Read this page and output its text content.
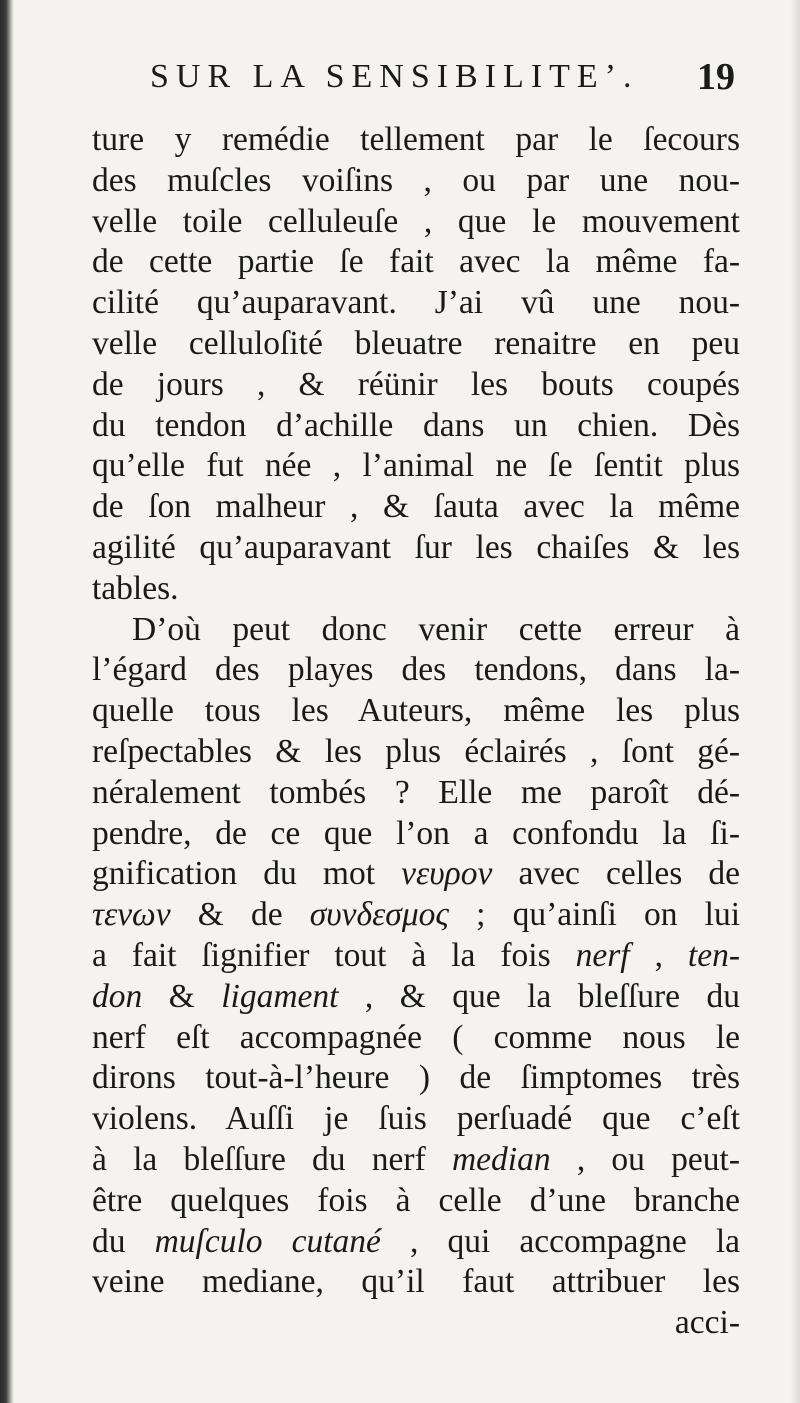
SUR LA SENSIBILITE’. 19
ture y remédie tellement par le ſecours
des muſcles voiſins , ou par une nou-
velle toile celluleuſe , que le mouvement
de cette partie ſe fait avec la même fa-
cilité qu’auparavant. J’ai vû une nou-
velle celluloſité bleuatre renaitre en peu
de jours , & réünir les bouts coupés
du tendon d’achille dans un chien. Dès
qu’elle fut née , l’animal ne ſe ſentit plus
de ſon malheur , & ſauta avec la même
agilité qu’auparavant ſur les chaiſes & les
tables.
D’où peut donc venir cette erreur à
l’égard des playes des tendons, dans la-
quelle tous les Auteurs, même les plus
reſpectables & les plus éclairés , ſont gé-
néralement tombés ? Elle me paroît dé-
pendre, de ce que l’on a confondu la ſi-
gnification du mot νευρον avec celles de
τενων & de συνδεσμος ; qu’ainſi on lui
a fait ſignifier tout à la fois nerf , ten-
don & ligament , & que la bleſſure du
nerf eſt accompagnée ( comme nous le
dirons tout-à-l’heure ) de ſimptomes très
violens. Auſſi je ſuis perſuadé que c’eſt
à la bleſſure du nerf median , ou peut-
être quelques fois à celle d’une branche
du muſculo cutané , qui accompagne la
veine mediane, qu’il faut attribuer les
acci-
